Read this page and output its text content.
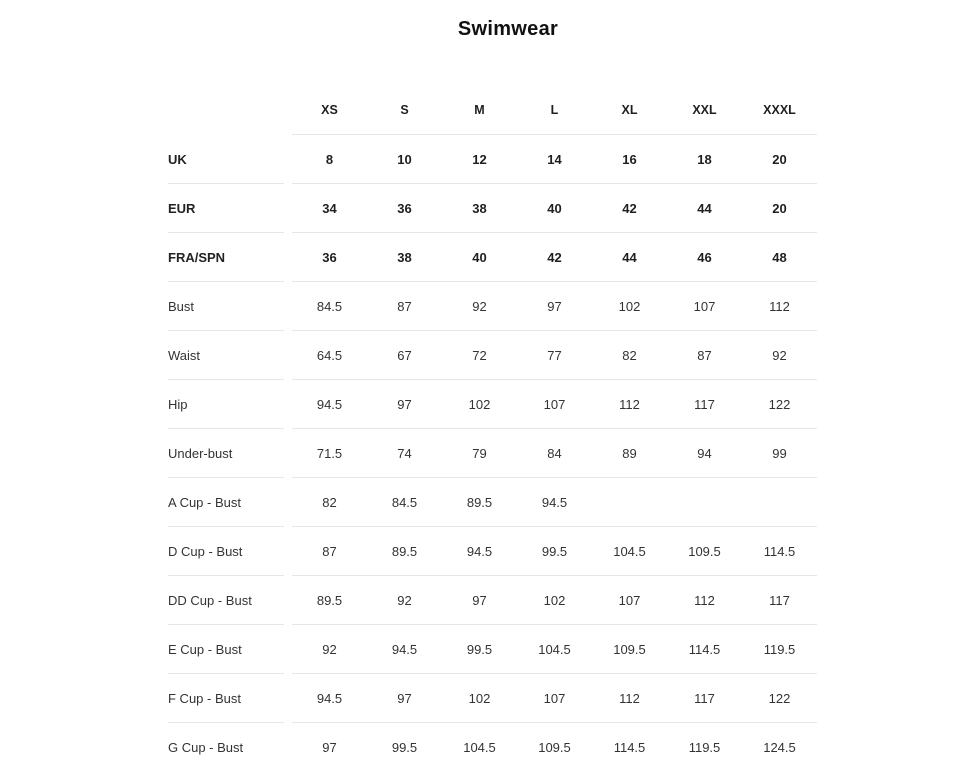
Swimwear
		XS	S	M	L	XL	XXL	XXXL
UK		8	10	12	14	16	18	20
EUR		34	36	38	40	42	44	20
FRA/SPN		36	38	40	42	44	46	48
Bust		84.5	87	92	97	102	107	112
Waist		64.5	67	72	77	82	87	92
Hip		94.5	97	102	107	112	117	122
Under-bust		71.5	74	79	84	89	94	99
A Cup - Bust		82	84.5	89.5	94.5			
D Cup - Bust		87	89.5	94.5	99.5	104.5	109.5	114.5
DD Cup - Bust		89.5	92	97	102	107	112	117
E Cup - Bust		92	94.5	99.5	104.5	109.5	114.5	119.5
F Cup - Bust		94.5	97	102	107	112	117	122
G Cup - Bust		97	99.5	104.5	109.5	114.5	119.5	124.5
